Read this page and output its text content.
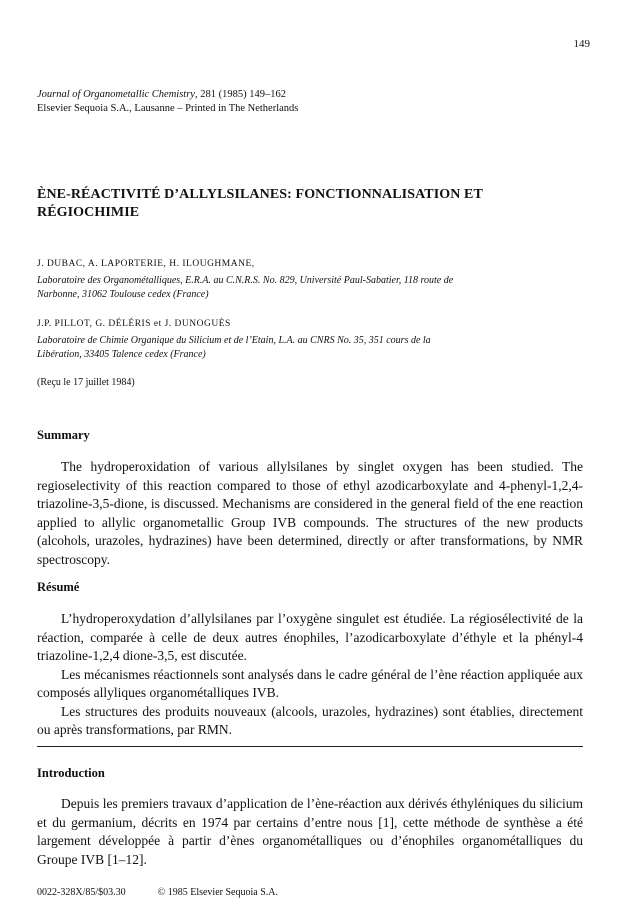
149
Journal of Organometallic Chemistry, 281 (1985) 149–162
Elsevier Sequoia S.A., Lausanne – Printed in The Netherlands
ÈNE-RÉACTIVITÉ D’ALLYLSILANES: FONCTIONNALISATION ET
RÉGIOCHIMIE
J. DUBAC, A. LAPORTERIE, H. ILOUGHMANE,
Laboratoire des Organométalliques, E.R.A. au C.N.R.S. No. 829, Université Paul-Sabatier, 118 route de
Narbonne, 31062 Toulouse cedex (France)
J.P. PILLOT, G. DÉLÉRIS et J. DUNOGUÈS
Laboratoire de Chimie Organique du Silicium et de l’Etain, L.A. au CNRS No. 35, 351 cours de la
Libération, 33405 Talence cedex (France)
(Reçu le 17 juillet 1984)
Summary

The hydroperoxidation of various allylsilanes by singlet oxygen has been studied. The regioselectivity of this reaction compared to those of ethyl azodicarboxylate and 4-phenyl-1,2,4-triazoline-3,5-dione, is discussed. Mechanisms are considered in the general field of the ene reaction applied to allylic organometallic Group IVB compounds. The structures of the new products (alcohols, urazoles, hydrazines) have been determined, directly or after transformations, by NMR spectroscopy.

Résumé

L’hydroperoxydation d’allylsilanes par l’oxygène singulet est étudiée. La régiosélectivité de la réaction, comparée à celle de deux autres énophiles, l’azodicarboxylate d’éthyle et la phényl-4 triazoline-1,2,4 dione-3,5, est discutée.

Les mécanismes réactionnels sont analysés dans le cadre général de l’ène réaction appliquée aux composés allyliques organométalliques IVB.

Les structures des produits nouveaux (alcools, urazoles, hydrazines) sont établies, directement ou après transformations, par RMN.

Introduction

Depuis les premiers travaux d’application de l’ène-réaction aux dérivés éthyléniques du silicium et du germanium, décrits en 1974 par certains d’entre nous [1], cette méthode de synthèse a été largement développée à partir d’ènes organométalliques ou d’énophiles organométalliques du Groupe IVB [1–12].

0022-328X/85/$03.30	© 1985 Elsevier Sequoia S.A.
